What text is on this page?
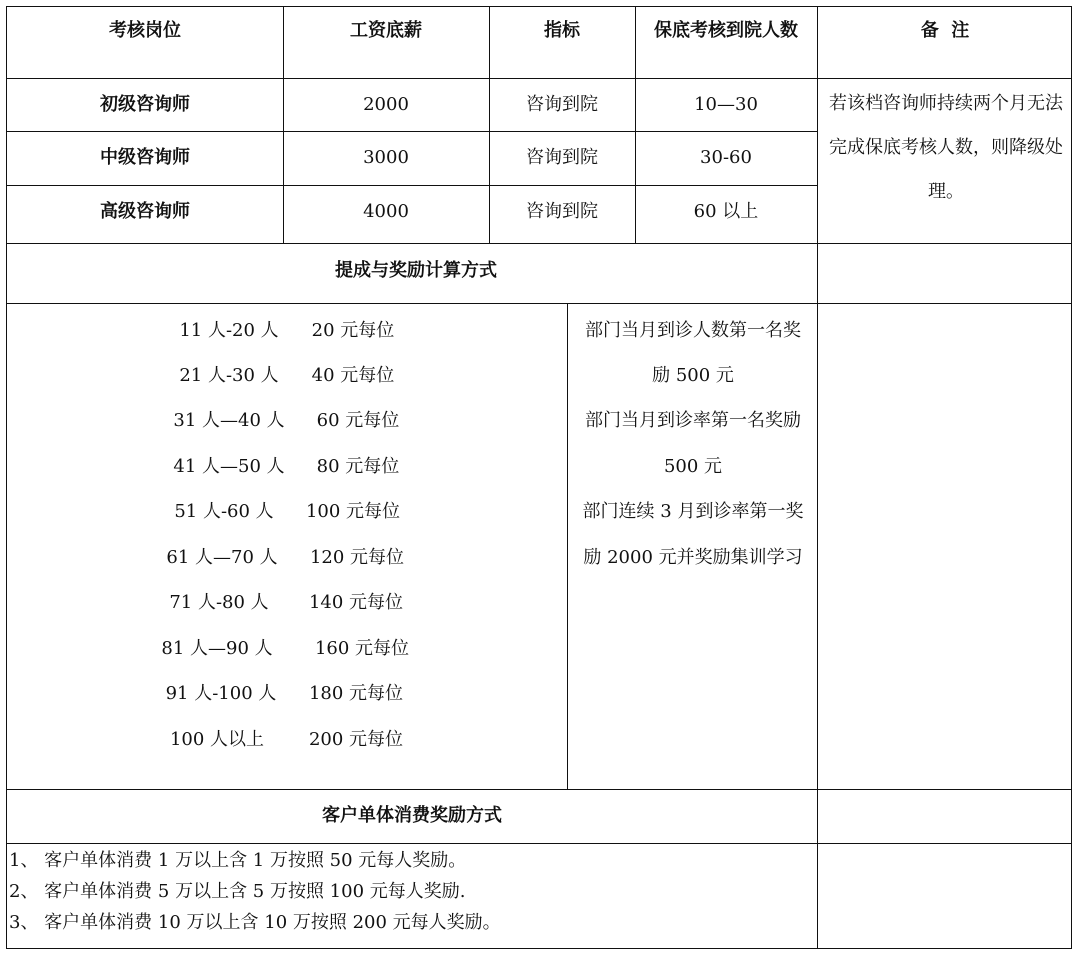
考核岗位	工资底薪	指标	保底考核到院人数	备  注
初级咨询师	2000	咨询到院	10—30
中级咨询师	3000	咨询到院	30-60
高级咨询师	4000	咨询到院	60 以上
若该档咨询师持续两个月无法完成保底考核人数，则降级处理。
提成与奖励计算方式
11 人-20 人 20 元每位
21 人-30 人 40 元每位
31 人—40 人 60 元每位
41 人—50 人 80 元每位
51 人-60 人 100 元每位
61 人—70 人 120 元每位
71 人-80 人 140 元每位
81 人—90 人 160 元每位
91 人-100 人 180 元每位
100 人以上 200 元每位
部门当月到诊人数第一名奖
励 500 元
部门当月到诊率第一名奖励
500 元
部门连续 3 月到诊率第一奖
励 2000 元并奖励集训学习
客户单体消费奖励方式
1、 客户单体消费 1 万以上含 1 万按照 50 元每人奖励。
2、 客户单体消费 5 万以上含 5 万按照 100 元每人奖励.
3、 客户单体消费 10 万以上含 10 万按照 200 元每人奖励。
